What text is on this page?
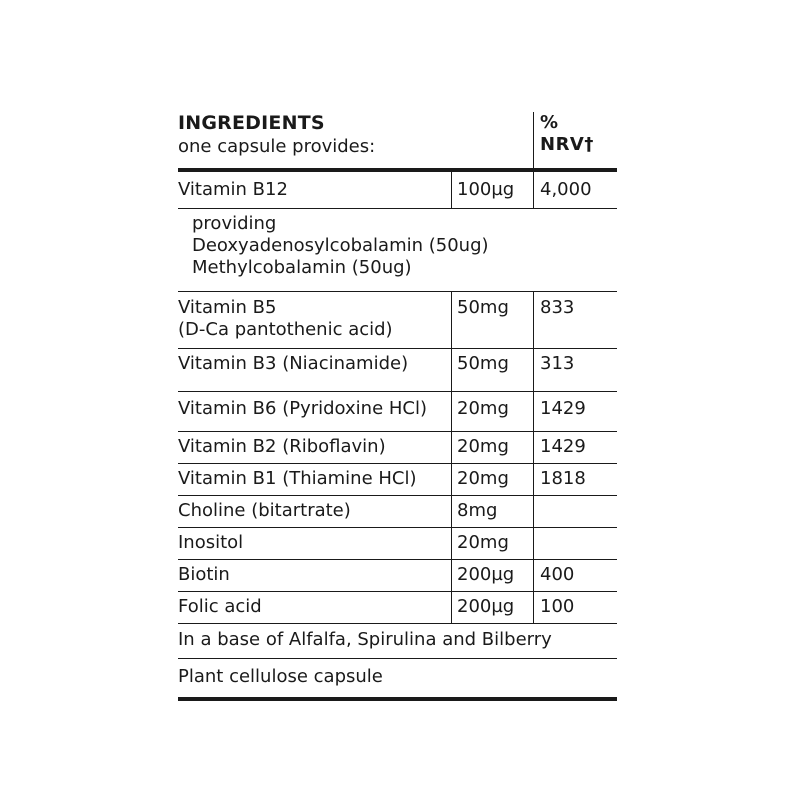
INGREDIENTS
one capsule provides:
%
NRV†
Vitamin B12	100µg 4,000
providing
Deoxyadenosylcobalamin (50ug)
Methylcobalamin (50ug)
Vitamin B5
(D-Ca pantothenic acid)
50mg 833
Vitamin B3 (Niacinamide)	50mg 313
Vitamin B6 (Pyridoxine HCl) 20mg 1429
Vitamin B2 (Riboflavin)	20mg 1429
Vitamin B1 (Thiamine HCl) 20mg 1818
Choline (bitartrate)	8mg
Inositol	20mg
Biotin	200µg 400
Folic acid	200µg 100
In a base of Alfalfa, Spirulina and Bilberry
Plant cellulose capsule
